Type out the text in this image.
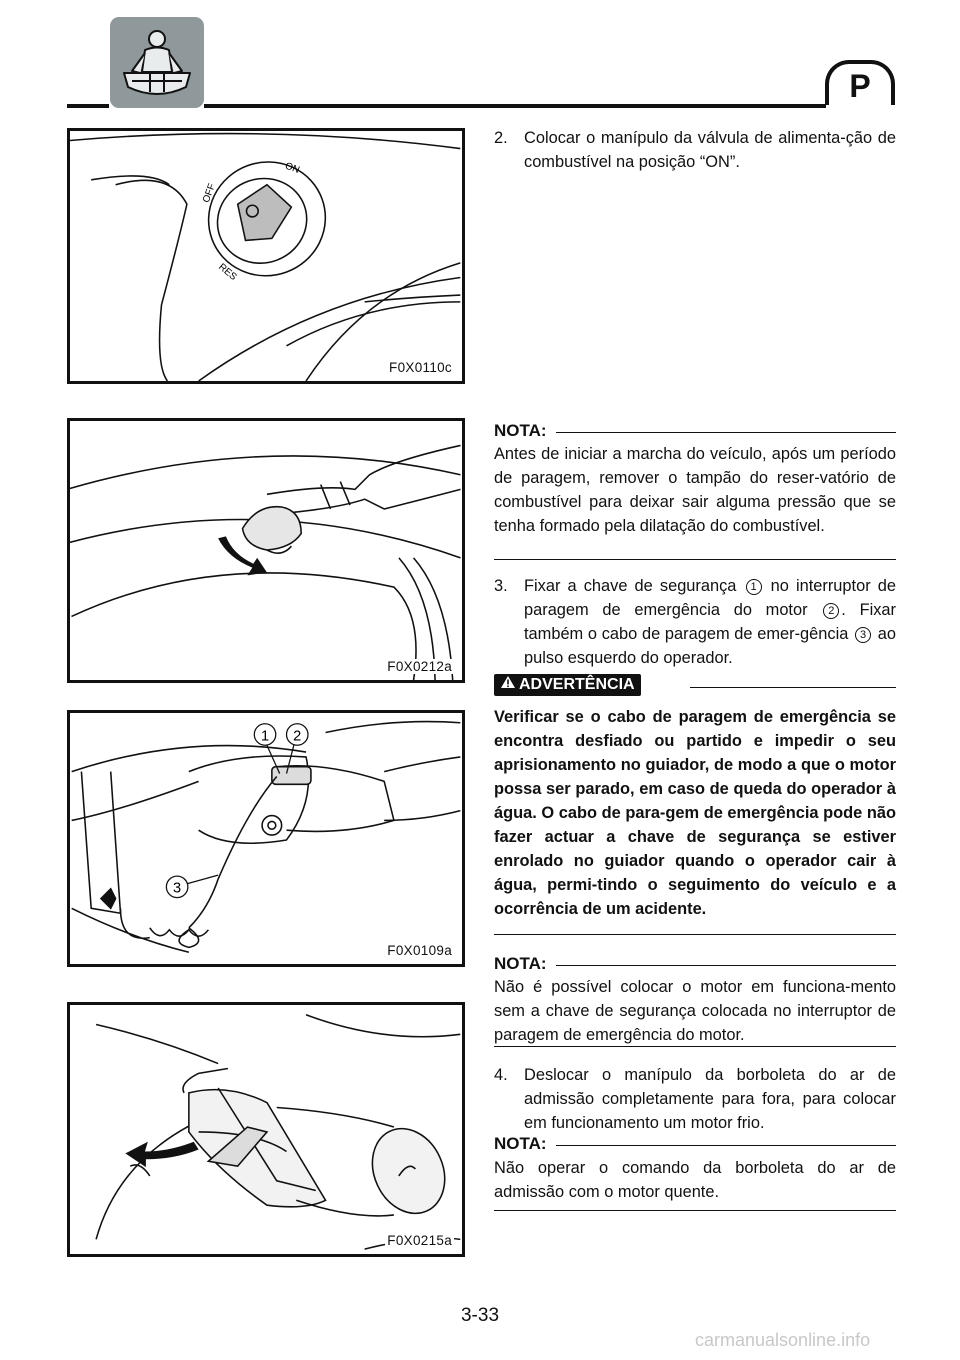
P
ON
OFF
RES
F0X0110c
F0X0212a
1 2
3
F0X0109a
F0X0215a
2. Colocar o manípulo da válvula de alimenta-ção de combustível na posição “ON”.
NOTA:
Antes de iniciar a marcha do veículo, após um período de paragem, remover o tampão do reser-vatório de combustível para deixar sair alguma pressão que se tenha formado pela dilatação do combustível.
3. Fixar a chave de segurança 1 no interruptor de paragem de emergência do motor 2 . Fixar também o cabo de paragem de emer-gência 3 ao pulso esquerdo do operador.
ADVERTÊNCIA
Verificar se o cabo de paragem de emergência se encontra desfiado ou partido e impedir o seu aprisionamento no guiador, de modo a que o motor possa ser parado, em caso de queda do operador à água. O cabo de para-gem de emergência pode não fazer actuar a chave de segurança se estiver enrolado no guiador quando o operador cair à água, permi-tindo o seguimento do veículo e a ocorrência de um acidente.
NOTA:
Não é possível colocar o motor em funciona-mento sem a chave de segurança colocada no interruptor de paragem de emergência do motor.
4. Deslocar o manípulo da borboleta do ar de admissão completamente para fora, para colocar em funcionamento um motor frio.
NOTA:
Não operar o comando da borboleta do ar de admissão com o motor quente.
3-33
carmanualsonline.info
